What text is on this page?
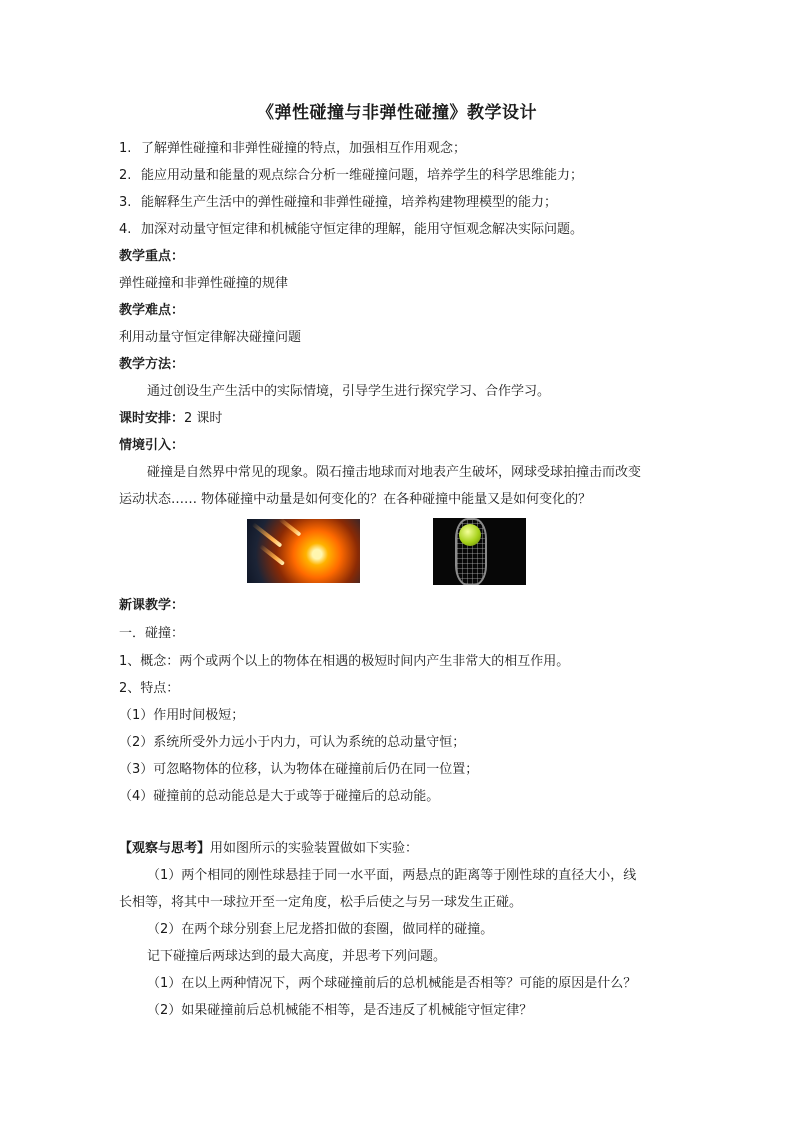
《弹性碰撞与非弹性碰撞》教学设计
1. 了解弹性碰撞和非弹性碰撞的特点，加强相互作用观念；
2. 能应用动量和能量的观点综合分析一维碰撞问题，培养学生的科学思维能力；
3. 能解释生产生活中的弹性碰撞和非弹性碰撞，培养构建物理模型的能力；
4. 加深对动量守恒定律和机械能守恒定律的理解，能用守恒观念解决实际问题。
教学重点：
弹性碰撞和非弹性碰撞的规律
教学难点：
利用动量守恒定律解决碰撞问题
教学方法：
通过创设生产生活中的实际情境，引导学生进行探究学习、合作学习。
课时安排：2 课时
情境引入：
碰撞是自然界中常见的现象。陨石撞击地球而对地表产生破坏，网球受球拍撞击而改变
运动状态…… 物体碰撞中动量是如何变化的？在各种碰撞中能量又是如何变化的？
新课教学：
一．碰撞：
1、概念：两个或两个以上的物体在相遇的极短时间内产生非常大的相互作用。
2、特点：
（1）作用时间极短；
（2）系统所受外力远小于内力，可认为系统的总动量守恒；
（3）可忽略物体的位移，认为物体在碰撞前后仍在同一位置；
（4）碰撞前的总动能总是大于或等于碰撞后的总动能。
【观察与思考】用如图所示的实验装置做如下实验：
（1）两个相同的刚性球悬挂于同一水平面，两悬点的距离等于刚性球的直径大小，线
长相等，将其中一球拉开至一定角度，松手后使之与另一球发生正碰。
（2）在两个球分别套上尼龙搭扣做的套圈，做同样的碰撞。
记下碰撞后两球达到的最大高度，并思考下列问题。
（1）在以上两种情况下，两个球碰撞前后的总机械能是否相等？可能的原因是什么？
（2）如果碰撞前后总机械能不相等，是否违反了机械能守恒定律？
